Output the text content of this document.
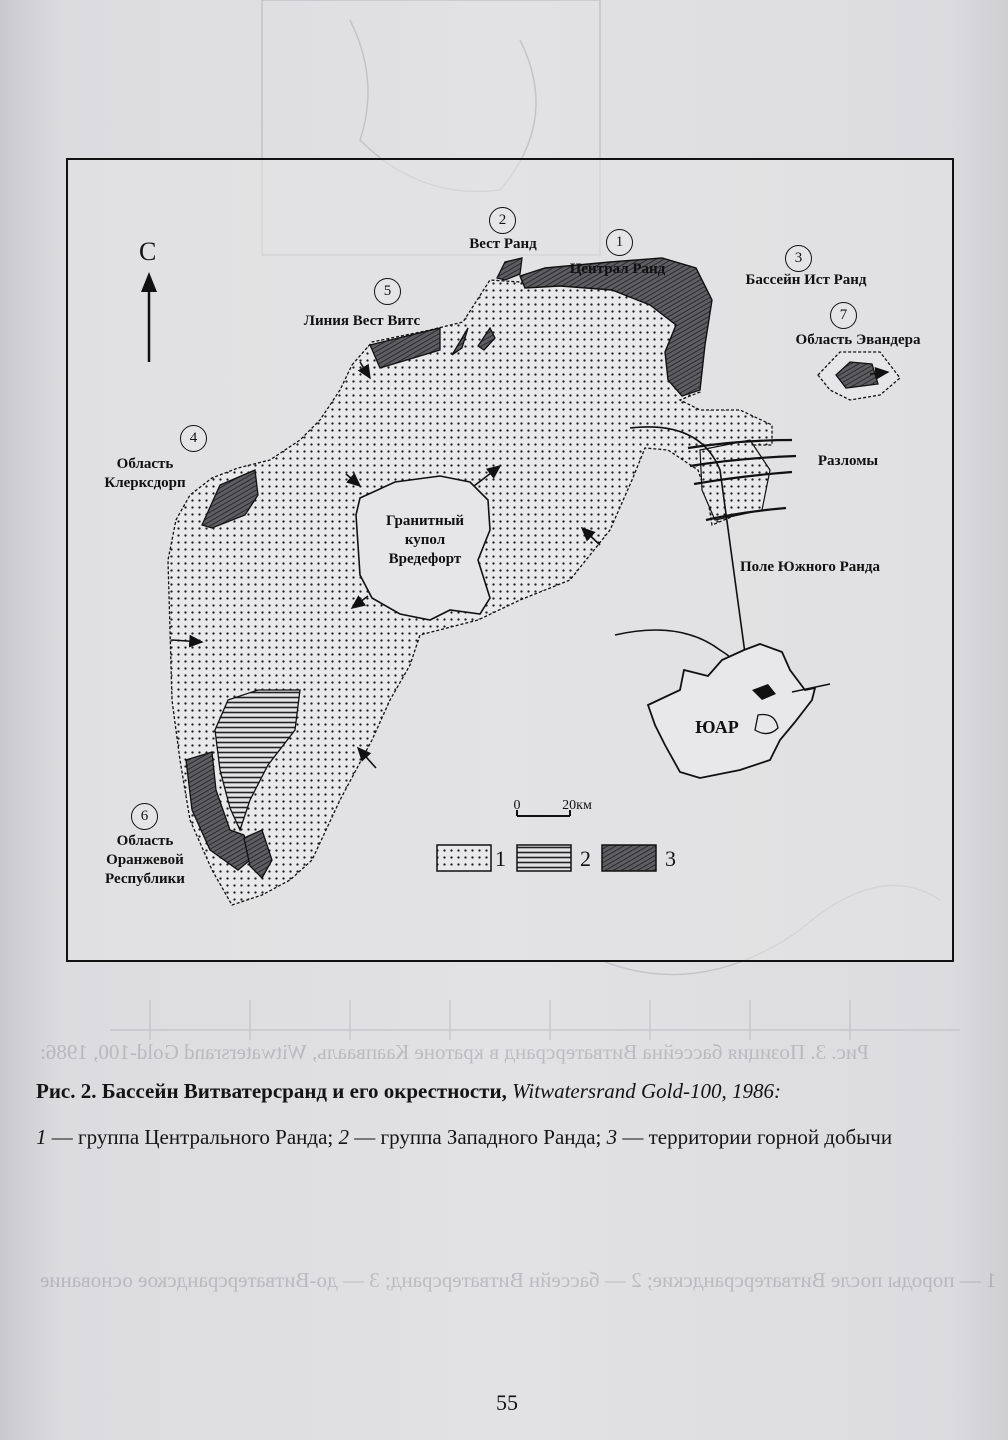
Рис. 3. Позиция бассейна Витватерсранд в кратоне Каапвааль, Witwatersrand Gold-100, 1986:
1 — породы после Витватерсрандские; 2 — бассейн Витватерсранд; 3 — до-Витватерсрандское основание
С
2
Вест Ранд	1
Централ Ранд
3
Бассейн Ист Ранд
5
Линия Вест Витс	7
Область Эвандера
4
Область
Клерксдорп
Гранитный
купол
Вредефорт
Разломы
Поле Южного Ранда
ЮАР
6
Область
Оранжевой
Республики
0	20км
1	2	3
Рис. 2. Бассейн Витватерсранд и его окрестности, Witwatersrand Gold-100, 1986:
1 — группа Центрального Ранда; 2 — группа Западного Ранда; 3 — территории горной добычи
55
